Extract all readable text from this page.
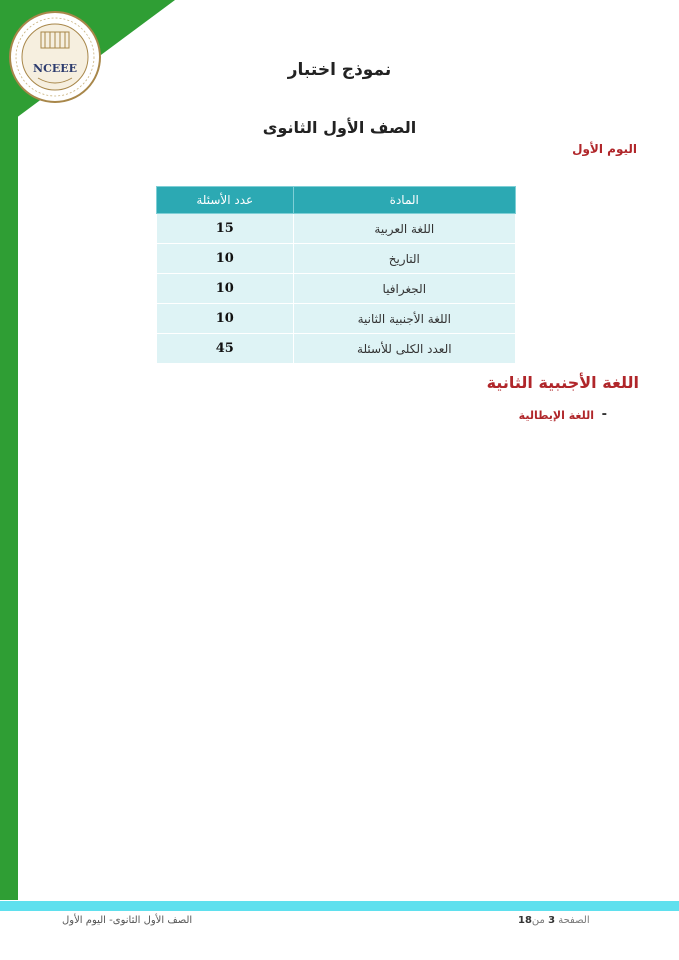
NCEEE	نموذج اختبار
الصف الأول الثانوى
اليوم الأول
المادة	عدد الأسئلة
اللغة العربية	15
التاريخ	10
الجغرافيا	10
اللغة الأجنبية الثانية	10
العدد الكلى للأسئلة	45
اللغة الأجنبية الثانية
-
اللغة الإيطالية
الصف الأول الثانوى- اليوم الأول	الصفحة 3 من18
